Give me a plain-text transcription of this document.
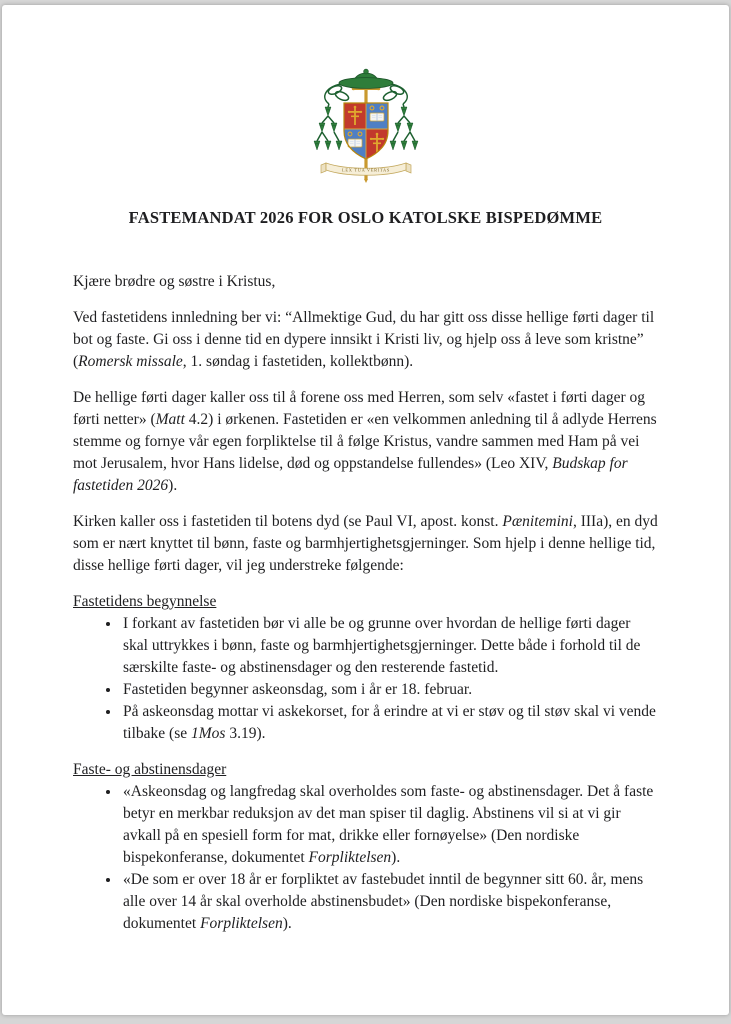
LEX TUA VERITAS
FASTEMANDAT 2026 FOR OSLO KATOLSKE BISPEDØMME

Kjære brødre og søstre i Kristus,

Ved fastetidens innledning ber vi: “Allmektige Gud, du har gitt oss disse hellige førti dager til bot og faste. Gi oss i denne tid en dypere innsikt i Kristi liv, og hjelp oss å leve som kristne” (Romersk missale, 1. søndag i fastetiden, kollektbønn).

De hellige førti dager kaller oss til å forene oss med Herren, som selv «fastet i førti dager og førti netter» (Matt 4.2) i ørkenen. Fastetiden er «en velkommen anledning til å adlyde Herrens stemme og fornye vår egen forpliktelse til å følge Kristus, vandre sammen med Ham på vei mot Jerusalem, hvor Hans lidelse, død og oppstandelse fullendes» (Leo XIV, Budskap for fastetiden 2026).

Kirken kaller oss i fastetiden til botens dyd (se Paul VI, apost. konst. Pænitemini, IIIa), en dyd som er nært knyttet til bønn, faste og barmhjertighetsgjerninger. Som hjelp i denne hellige tid, disse hellige førti dager, vil jeg understreke følgende:

Fastetidens begynnelse
• I forkant av fastetiden bør vi alle be og grunne over hvordan de hellige førti dager skal uttrykkes i bønn, faste og barmhjertighetsgjerninger. Dette både i forhold til de særskilte faste- og abstinensdager og den resterende fastetid.
• Fastetiden begynner askeonsdag, som i år er 18. februar.
• På askeonsdag mottar vi askekorset, for å erindre at vi er støv og til støv skal vi vende tilbake (se 1Mos 3.19).
Faste- og abstinensdager
• «Askeonsdag og langfredag skal overholdes som faste- og abstinensdager. Det å faste betyr en merkbar reduksjon av det man spiser til daglig. Abstinens vil si at vi gir avkall på en spesiell form for mat, drikke eller fornøyelse» (Den nordiske bispekonferanse, dokumentet Forpliktelsen).
• «De som er over 18 år er forpliktet av fastebudet inntil de begynner sitt 60. år, mens alle over 14 år skal overholde abstinensbudet» (Den nordiske bispekonferanse, dokumentet Forpliktelsen).
